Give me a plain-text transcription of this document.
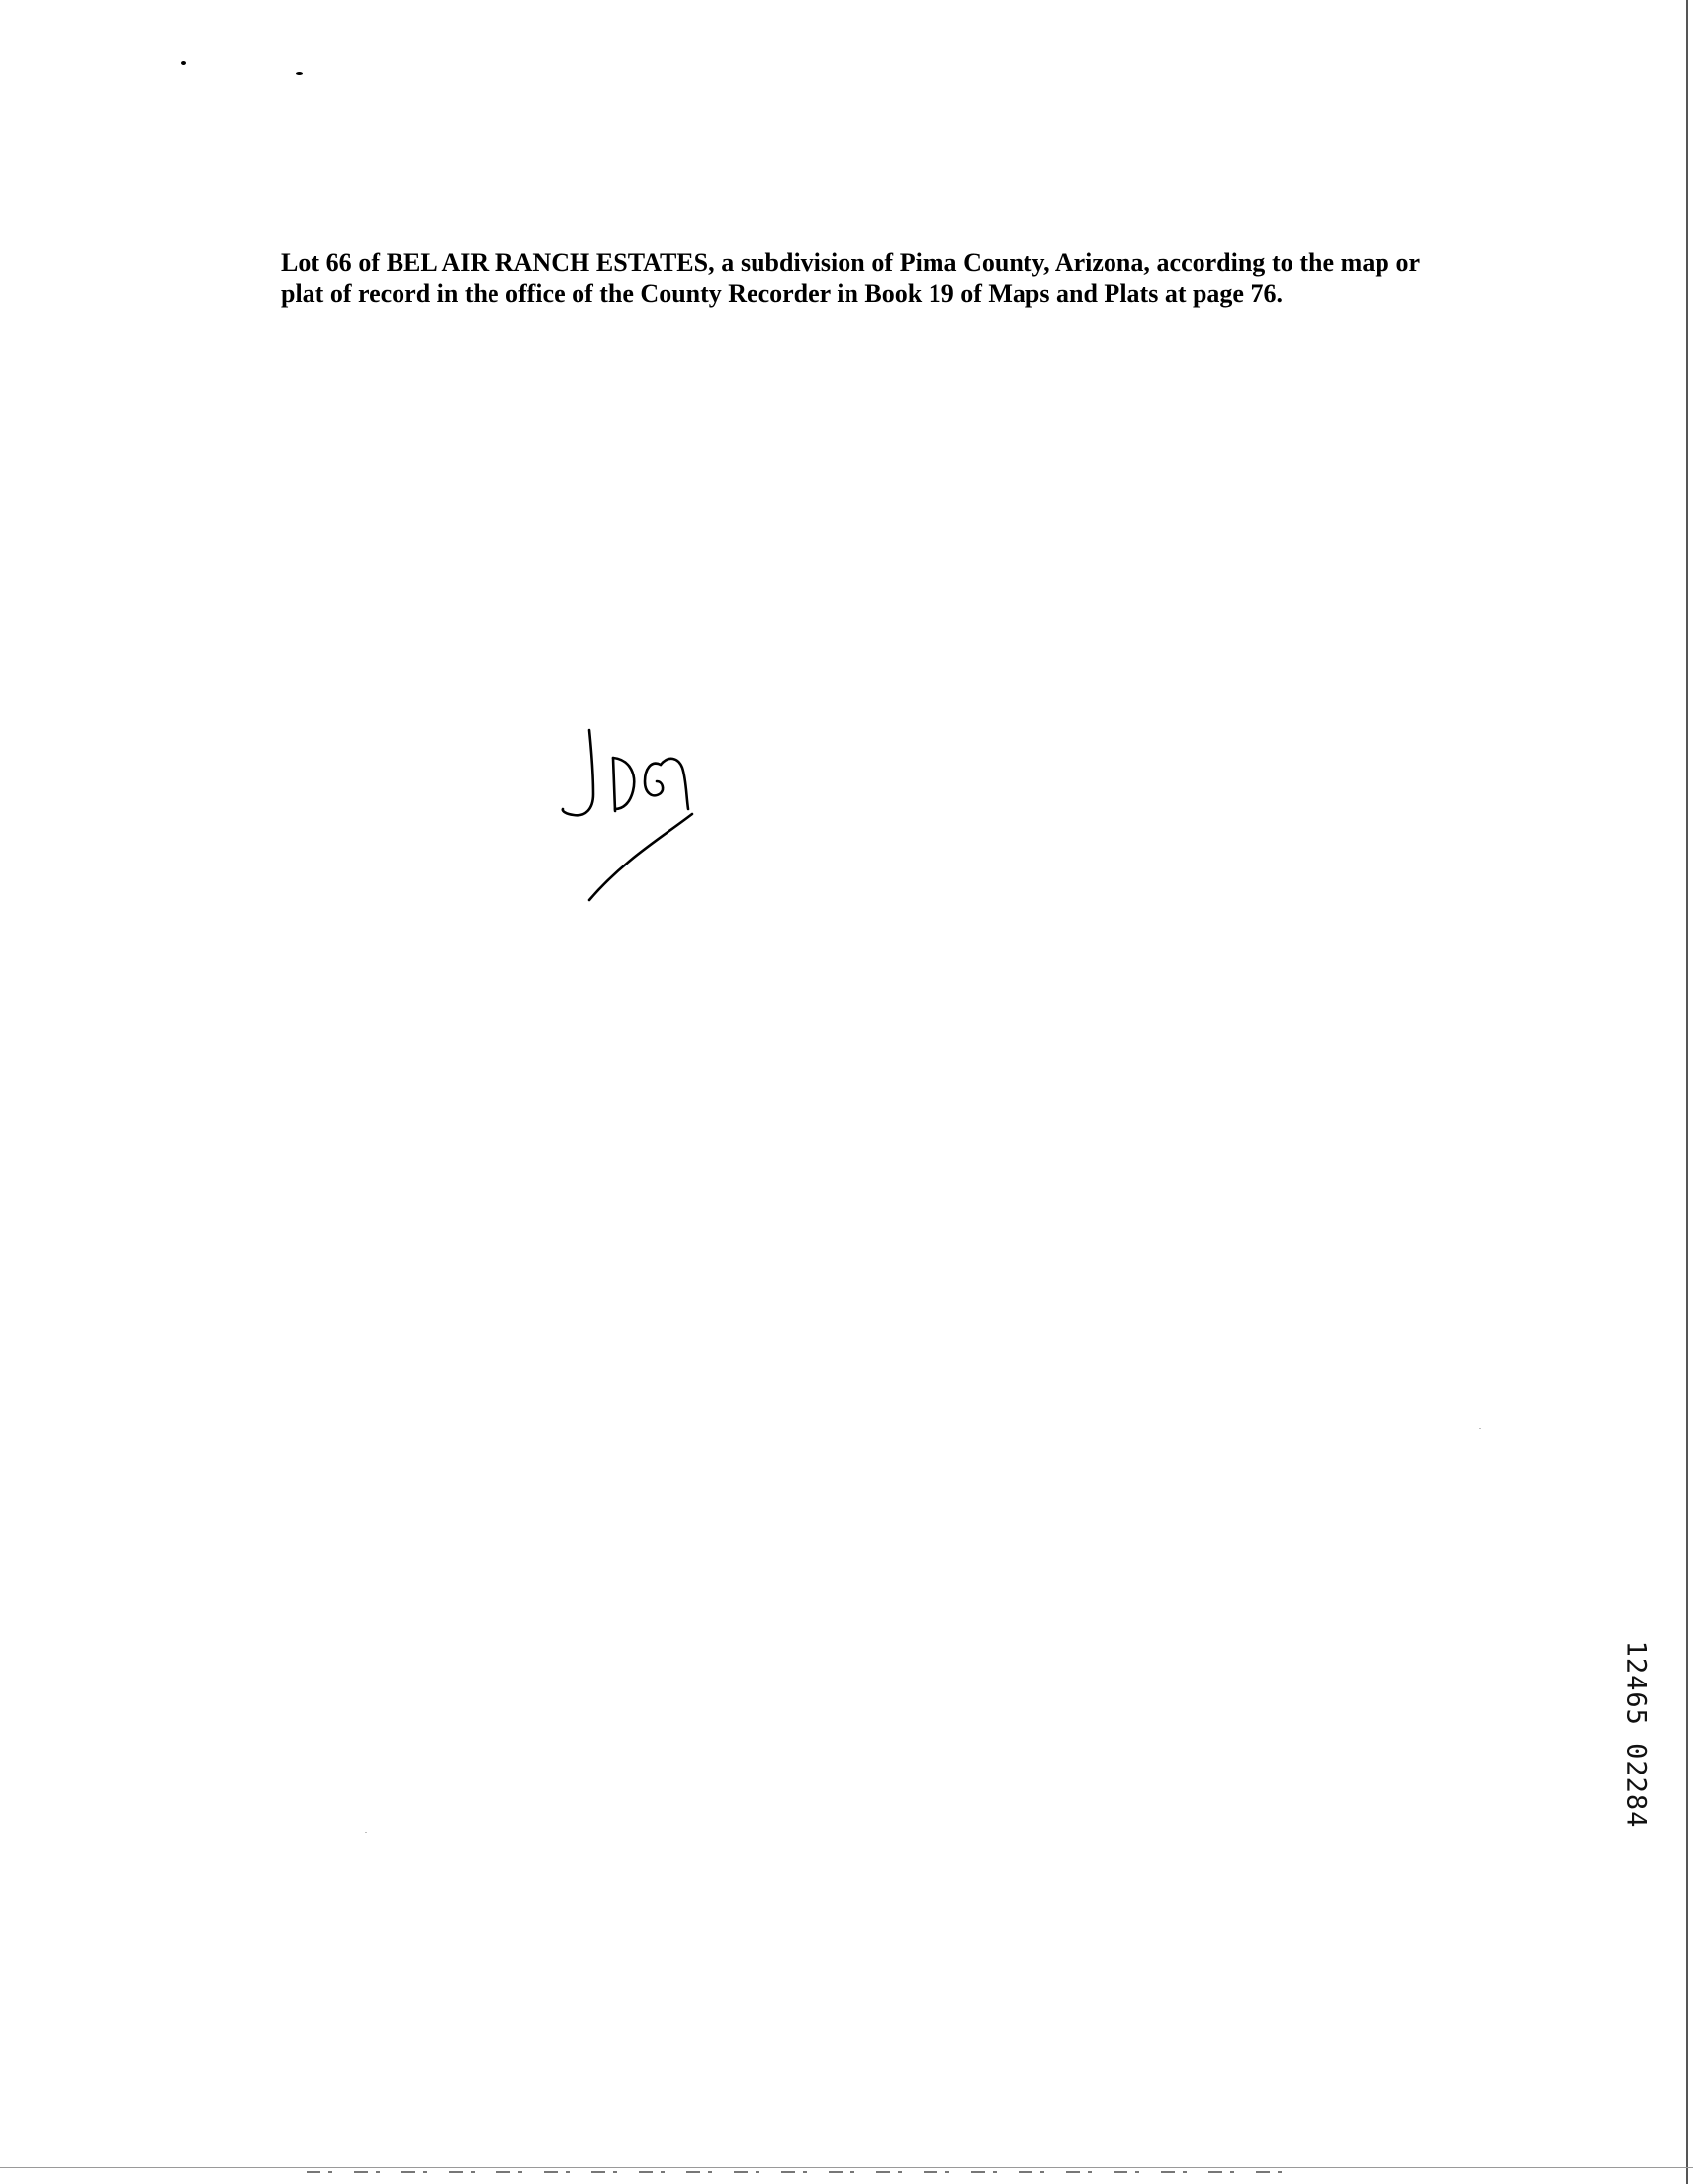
Lot 66 of BEL AIR RANCH ESTATES, a subdivision of Pima County, Arizona, according to the map or plat of record in the office of the County Recorder in Book 19 of Maps and Plats at page 76.

12465 02284
